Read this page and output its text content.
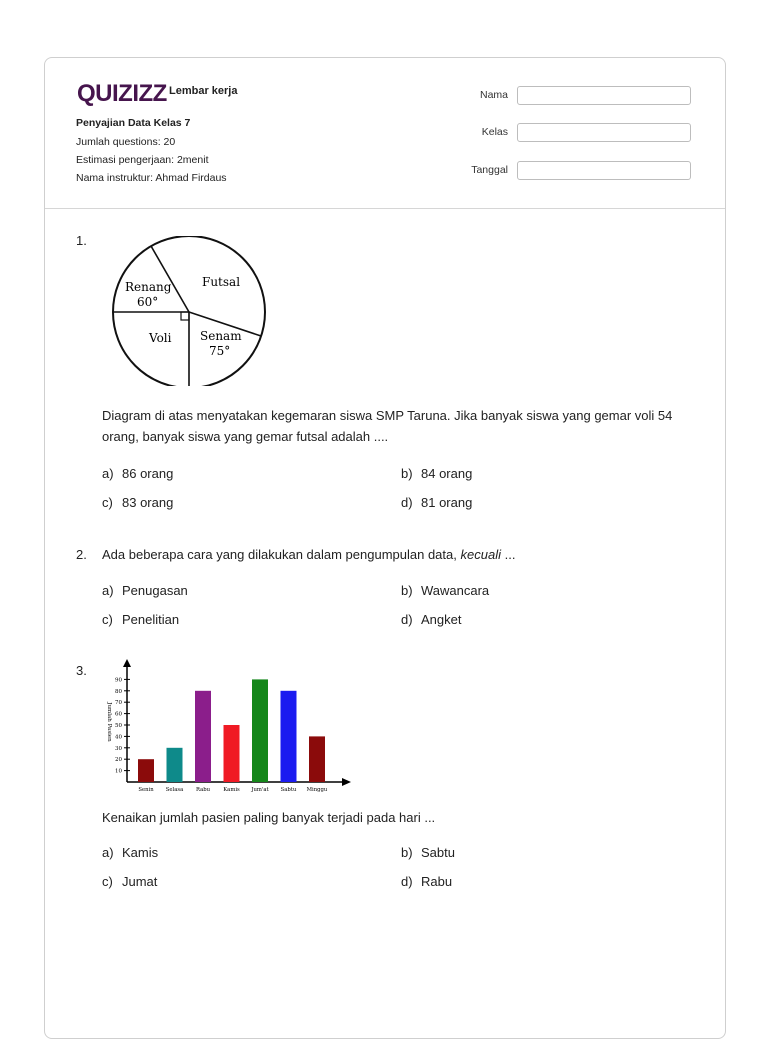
QUIZIZZ Lembar kerja
Penyajian Data Kelas 7
Jumlah questions: 20
Estimasi pengerjaan: 2menit
Nama instruktur: Ahmad Firdaus
Nama
Kelas
Tanggal
1.
Renang
60°
Futsal
Voli Senam
75°
Diagram di atas menyatakan kegemaran siswa SMP Taruna. Jika banyak siswa yang gemar voli 54 orang, banyak siswa yang gemar futsal adalah ....
a) 86 orang	b) 84 orang
c) 83 orang	d) 81 orang
2. Ada beberapa cara yang dilakukan dalam pengumpulan data, kecuali ...
a) Penugasan	b) Wawancara
c) Penelitian	d) Angket
3.
10
20
30
40
50
60
70
80
90
Jumlah Pasien
Senin Selasa Rabu Kamis Jum'at Sabtu Minggu
Kenaikan jumlah pasien paling banyak terjadi pada hari ...
a) Kamis	b) Sabtu
c) Jumat	d) Rabu
